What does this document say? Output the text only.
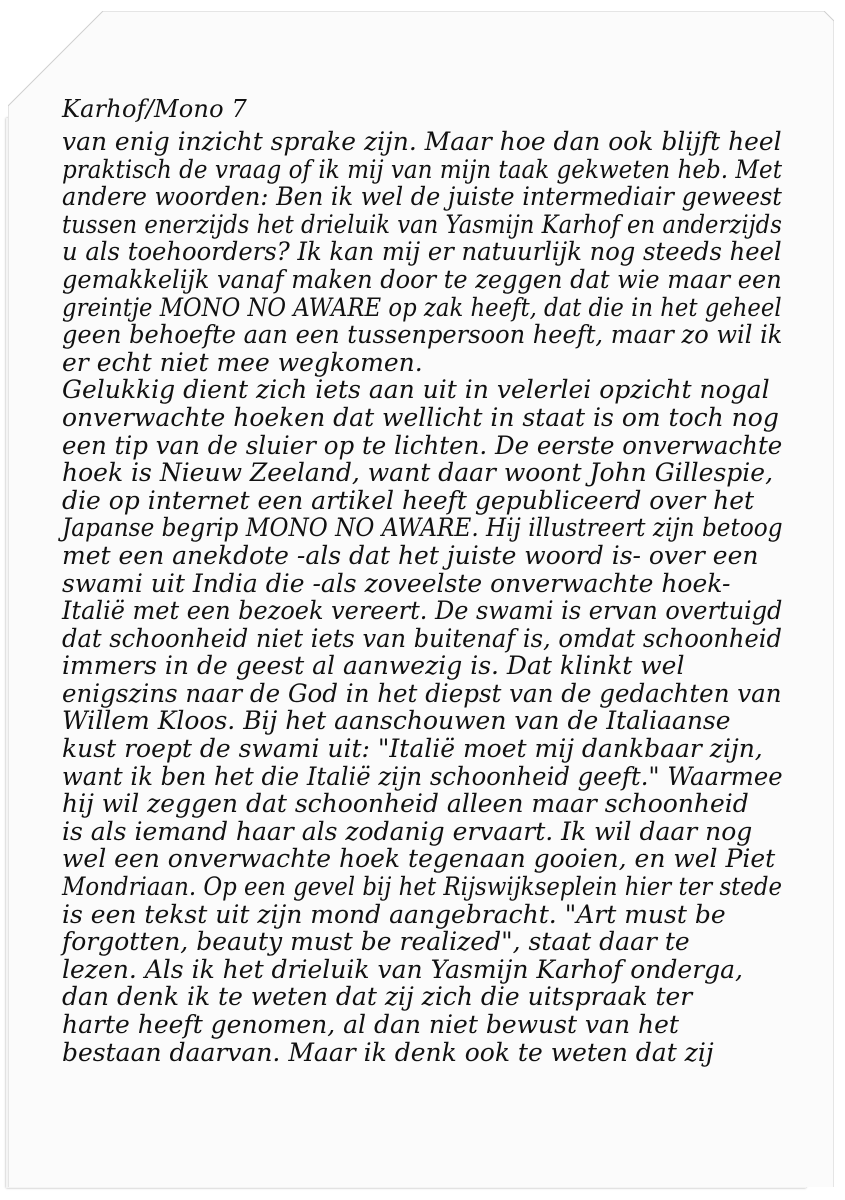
Karhof/Mono 7
van enig inzicht sprake zijn. Maar hoe dan ook blijft heel
praktisch de vraag of ik mij van mijn taak gekweten heb. Met
andere woorden: Ben ik wel de juiste intermediair geweest
tussen enerzijds het drieluik van Yasmijn Karhof en anderzijds
u als toehoorders? Ik kan mij er natuurlijk nog steeds heel
gemakkelijk vanaf maken door te zeggen dat wie maar een
greintje MONO NO AWARE op zak heeft, dat die in het geheel
geen behoefte aan een tussenpersoon heeft, maar zo wil ik
er echt niet mee wegkomen.
Gelukkig dient zich iets aan uit in velerlei opzicht nogal
onverwachte hoeken dat wellicht in staat is om toch nog
een tip van de sluier op te lichten. De eerste onverwachte
hoek is Nieuw Zeeland, want daar woont John Gillespie,
die op internet een artikel heeft gepubliceerd over het
Japanse begrip MONO NO AWARE. Hij illustreert zijn betoog
met een anekdote -als dat het juiste woord is- over een
swami uit India die -als zoveelste onverwachte hoek-
Italië met een bezoek vereert. De swami is ervan overtuigd
dat schoonheid niet iets van buitenaf is, omdat schoonheid
immers in de geest al aanwezig is. Dat klinkt wel
enigszins naar de God in het diepst van de gedachten van
Willem Kloos. Bij het aanschouwen van de Italiaanse
kust roept de swami uit: "Italië moet mij dankbaar zijn,
want ik ben het die Italië zijn schoonheid geeft." Waarmee
hij wil zeggen dat schoonheid alleen maar schoonheid
is als iemand haar als zodanig ervaart. Ik wil daar nog
wel een onverwachte hoek tegenaan gooien, en wel Piet
Mondriaan. Op een gevel bij het Rijswijkseplein hier ter stede
is een tekst uit zijn mond aangebracht. "Art must be
forgotten, beauty must be realized", staat daar te
lezen. Als ik het drieluik van Yasmijn Karhof onderga,
dan denk ik te weten dat zij zich die uitspraak ter
harte heeft genomen, al dan niet bewust van het
bestaan daarvan. Maar ik denk ook te weten dat zij
